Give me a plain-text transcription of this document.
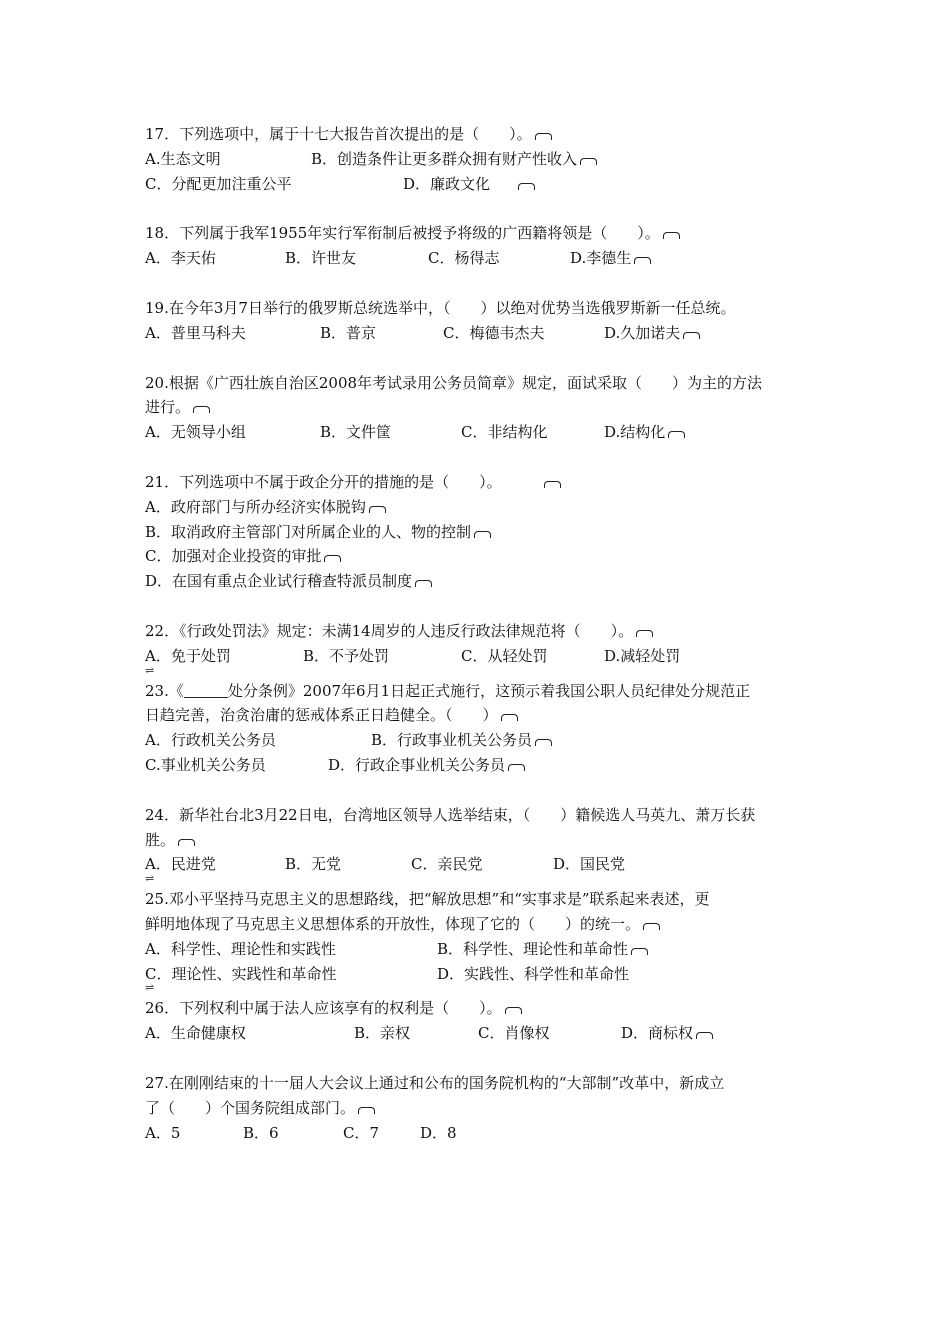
17．下列选项中，属于十七大报告首次提出的是（　　）。
A.生态文明	B．创造条件让更多群众拥有财产性收入
C．分配更加注重公平	D．廉政文化
18．下列属于我军1955年实行军衔制后被授予将级的广西籍将领是（　　）。
A．李天佑	B．许世友	C．杨得志	D.李德生
19.在今年3月7日举行的俄罗斯总统选举中，（　　）以绝对优势当选俄罗斯新一任总统。
A．普里马科夫	B．普京	C．梅德韦杰夫	D.久加诺夫
20.根据《广西壮族自治区2008年考试录用公务员简章》规定，面试采取（　　）为主的方法
进行。
A．无领导小组	B．文件筐	C．非结构化	D.结构化
21．下列选项中不属于政企分开的措施的是（　　）。
A．政府部门与所办经济实体脱钩
B．取消政府主管部门对所属企业的人、物的控制
C．加强对企业投资的审批
D．在国有重点企业试行稽查特派员制度
22．《行政处罚法》规定：未满14周岁的人违反行政法律规范将（　　）。
A．免于处罚	B．不予处罚	C．从轻处罚	D.减轻处罚
⇌
23.《	处分条例》2007年6月1日起正式施行，这预示着我国公职人员纪律处分规范正
日趋完善，治贪治庸的惩戒体系正日趋健全。（　　）
A．行政机关公务员	B．行政事业机关公务员
C.事业机关公务员	D．行政企事业机关公务员
24．新华社台北3月22日电，台湾地区领导人选举结束，（　　）籍候选人马英九、萧万长获
胜。
A．民进党	B．无党	C．亲民党	D．国民党
⇌
25.邓小平坚持马克思主义的思想路线，把“解放思想”和“实事求是”联系起来表述，更
鲜明地体现了马克思主义思想体系的开放性，体现了它的（　　）的统一。
A．科学性、理论性和实践性	B．科学性、理论性和革命性
C．理论性、实践性和革命性	D．实践性、科学性和革命性
⇌
26．下列权利中属于法人应该享有的权利是（　　）。
A．生命健康权	B．亲权	C．肖像权	D．商标权
27.在刚刚结束的十一届人大会议上通过和公布的国务院机构的“大部制”改革中，新成立
了（　　）个国务院组成部门。
A．5	B．6	C．7	D．8
